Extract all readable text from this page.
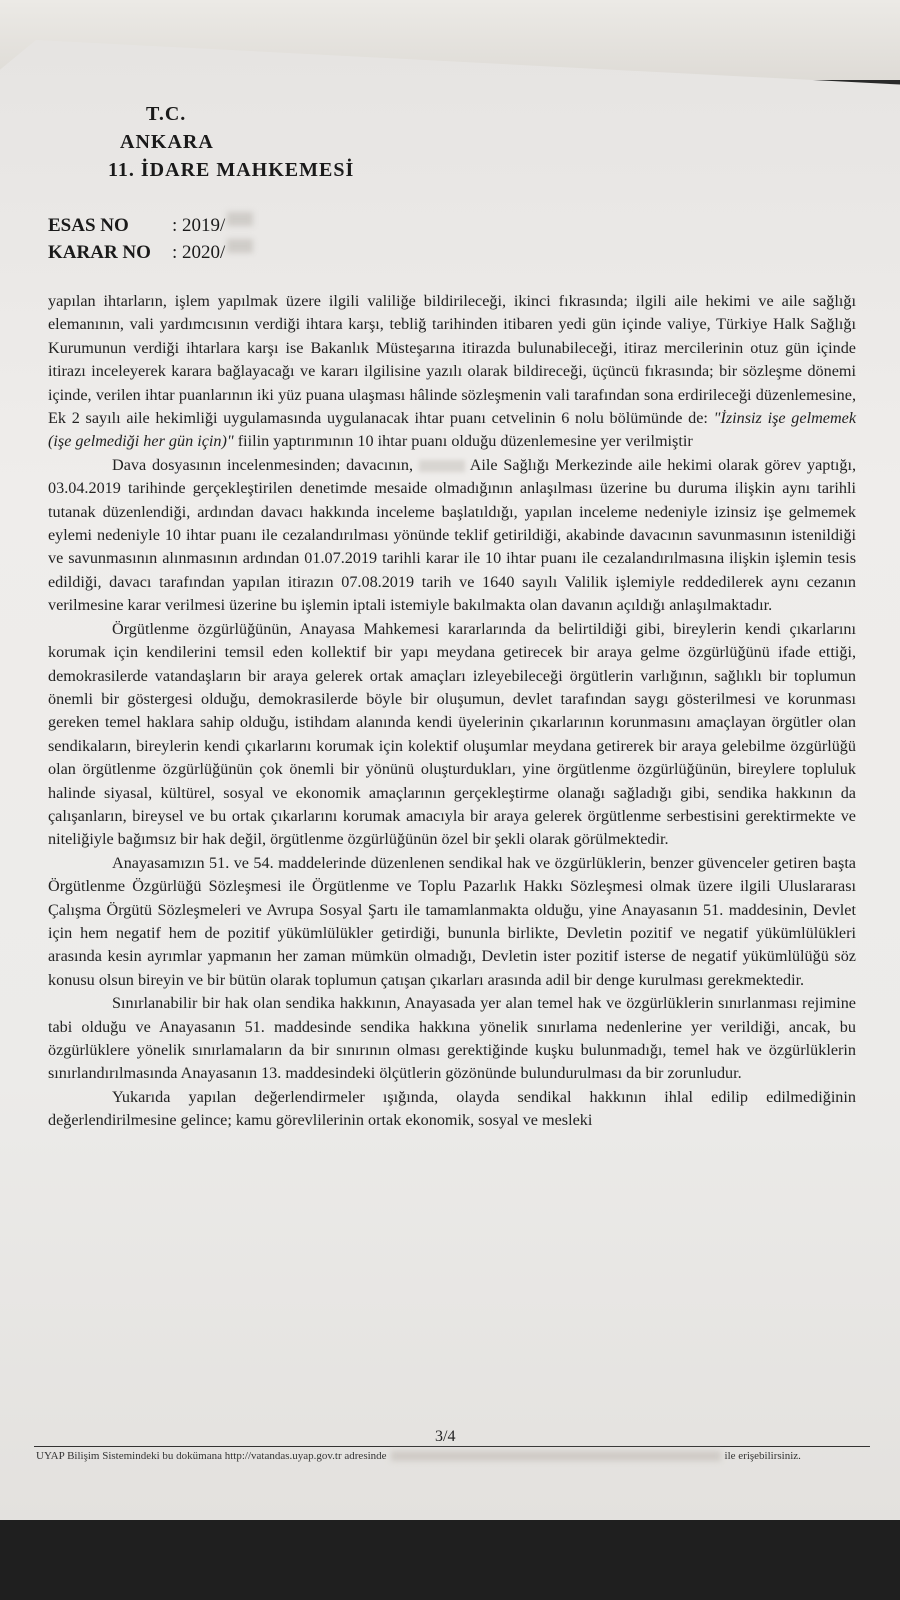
T.C.
ANKARA
11. İDARE MAHKEMESİ
ESAS NO	: 2019/
KARAR NO	: 2020/

yapılan ihtarların, işlem yapılmak üzere ilgili valiliğe bildirileceği, ikinci fıkrasında; ilgili aile hekimi ve aile sağlığı elemanının, vali yardımcısının verdiği ihtara karşı, tebliğ tarihinden itibaren yedi gün içinde valiye, Türkiye Halk Sağlığı Kurumunun verdiği ihtarlara karşı ise Bakanlık Müsteşarına itirazda bulunabileceği, itiraz mercilerinin otuz gün içinde itirazı inceleyerek karara bağlayacağı ve kararı ilgilisine yazılı olarak bildireceği, üçüncü fıkrasında; bir sözleşme dönemi içinde, verilen ihtar puanlarının iki yüz puana ulaşması hâlinde sözleşmenin vali tarafından sona erdirileceği düzenlemesine, Ek 2 sayılı aile hekimliği uygulamasında uygulanacak ihtar puanı cetvelinin 6 nolu bölümünde de: "İzinsiz işe gelmemek (işe gelmediği her gün için)" fiilin yaptırımının 10 ihtar puanı olduğu düzenlemesine yer verilmiştir

Dava dosyasının incelenmesinden; davacının,	Aile Sağlığı Merkezinde aile hekimi olarak görev yaptığı, 03.04.2019 tarihinde gerçekleştirilen denetimde mesaide olmadığının anlaşılması üzerine bu duruma ilişkin aynı tarihli tutanak düzenlendiği, ardından davacı hakkında inceleme başlatıldığı, yapılan inceleme nedeniyle izinsiz işe gelmemek eylemi nedeniyle 10 ihtar puanı ile cezalandırılması yönünde teklif getirildiği, akabinde davacının savunmasının istenildiği ve savunmasının alınmasının ardından 01.07.2019 tarihli karar ile 10 ihtar puanı ile cezalandırılmasına ilişkin işlemin tesis edildiği, davacı tarafından yapılan itirazın 07.08.2019 tarih ve 1640 sayılı Valilik işlemiyle reddedilerek aynı cezanın verilmesine karar verilmesi üzerine bu işlemin iptali istemiyle bakılmakta olan davanın açıldığı anlaşılmaktadır.

Örgütlenme özgürlüğünün, Anayasa Mahkemesi kararlarında da belirtildiği gibi, bireylerin kendi çıkarlarını korumak için kendilerini temsil eden kollektif bir yapı meydana getirecek bir araya gelme özgürlüğünü ifade ettiği, demokrasilerde vatandaşların bir araya gelerek ortak amaçları izleyebileceği örgütlerin varlığının, sağlıklı bir toplumun önemli bir göstergesi olduğu, demokrasilerde böyle bir oluşumun, devlet tarafından saygı gösterilmesi ve korunması gereken temel haklara sahip olduğu, istihdam alanında kendi üyelerinin çıkarlarının korunmasını amaçlayan örgütler olan sendikaların, bireylerin kendi çıkarlarını korumak için kolektif oluşumlar meydana getirerek bir araya gelebilme özgürlüğü olan örgütlenme özgürlüğünün çok önemli bir yönünü oluşturdukları, yine örgütlenme özgürlüğünün, bireylere topluluk halinde siyasal, kültürel, sosyal ve ekonomik amaçlarının gerçekleştirme olanağı sağladığı gibi, sendika hakkının da çalışanların, bireysel ve bu ortak çıkarlarını korumak amacıyla bir araya gelerek örgütlenme serbestisini gerektirmekte ve niteliğiyle bağımsız bir hak değil, örgütlenme özgürlüğünün özel bir şekli olarak görülmektedir.

Anayasamızın 51. ve 54. maddelerinde düzenlenen sendikal hak ve özgürlüklerin, benzer güvenceler getiren başta Örgütlenme Özgürlüğü Sözleşmesi ile Örgütlenme ve Toplu Pazarlık Hakkı Sözleşmesi olmak üzere ilgili Uluslararası Çalışma Örgütü Sözleşmeleri ve Avrupa Sosyal Şartı ile tamamlanmakta olduğu, yine Anayasanın 51. maddesinin, Devlet için hem negatif hem de pozitif yükümlülükler getirdiği, bununla birlikte, Devletin pozitif ve negatif yükümlülükleri arasında kesin ayrımlar yapmanın her zaman mümkün olmadığı, Devletin ister pozitif isterse de negatif yükümlülüğü söz konusu olsun bireyin ve bir bütün olarak toplumun çatışan çıkarları arasında adil bir denge kurulması gerekmektedir.

Sınırlanabilir bir hak olan sendika hakkının, Anayasada yer alan temel hak ve özgürlüklerin sınırlanması rejimine tabi olduğu ve Anayasanın 51. maddesinde sendika hakkına yönelik sınırlama nedenlerine yer verildiği, ancak, bu özgürlüklere yönelik sınırlamaların da bir sınırının olması gerektiğinde kuşku bulunmadığı, temel hak ve özgürlüklerin sınırlandırılmasında Anayasanın 13. maddesindeki ölçütlerin gözönünde bulundurulması da bir zorunludur.

Yukarıda yapılan değerlendirmeler ışığında, olayda sendikal hakkının ihlal edilip edilmediğinin değerlendirilmesine gelince; kamu görevlilerinin ortak ekonomik, sosyal ve mesleki

3/4
UYAP Bilişim Sistemindeki bu dokümana http://vatandas.uyap.gov.tr adresinde	ile erişebilirsiniz.
